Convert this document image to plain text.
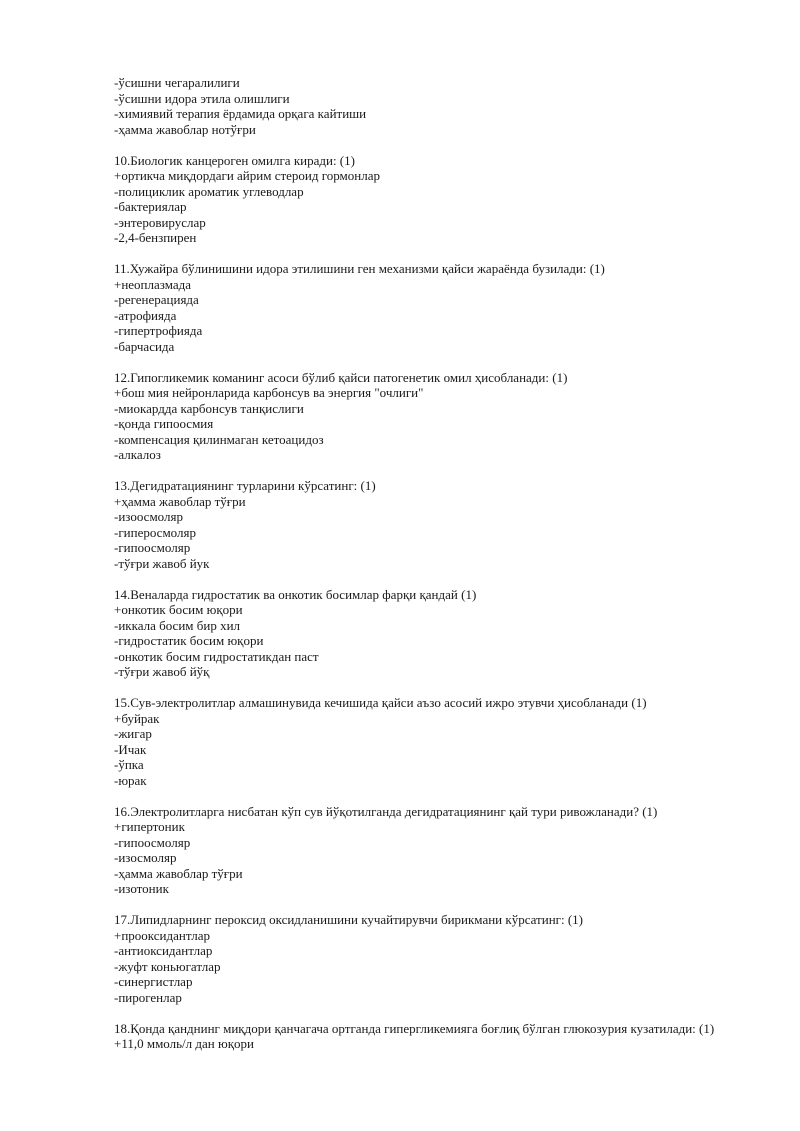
-ўсишни чегаралилиги
-ўсишни идора этила олишлиги
-химиявий терапия ёрдамида орқага кайтиши
-ҳамма жавоблар нотўғри
10.Биологик канцероген омилга киради: (1)
+ортикча миқдордаги айрим стероид гормонлар
-полициклик ароматик углеводлар
-бактериялар
-энтеровируслар
-2,4-бензпирен
11.Хужайра бўлинишини идора этилишини ген механизми қайси жараёнда бузилади: (1)
+неоплазмада
-регенерацияда
-атрофияда
-гипертрофияда
-барчасида
12.Гипогликемик команинг асоси бўлиб қайси патогенетик омил ҳисобланади: (1)
+бош мия нейронларида карбонсув ва энергия "очлиги"
-миокардда карбонсув танқислиги
-қонда гипоосмия
-компенсация қилинмаган кетоацидоз
-алкалоз
13.Дегидратациянинг турларини кўрсатинг: (1)
+ҳамма жавоблар тўғри
-изоосмоляр
-гиперосмоляр
-гипоосмоляр
-тўғри жавоб йук
14.Веналарда гидростатик ва онкотик босимлар фарқи қандай (1)
+онкотик босим юқори
-иккала босим бир хил
-гидростатик босим юқори
-онкотик босим гидростатикдан паст
-тўғри жавоб йўқ
15.Сув-электролитлар алмашинувида кечишида қайси аъзо асосий ижро этувчи ҳисобланади (1)
+буйрак
-жигар
-Ичак
-ўпка
-юрак
16.Электролитларга нисбатан кўп сув йўқотилганда дегидратациянинг қай тури ривожланади? (1)
+гипертоник
-гипоосмоляр
-изосмоляр
-ҳамма жавоблар тўғри
-изотоник
17.Липидларнинг пероксид оксидланишини кучайтирувчи бирикмани кўрсатинг: (1)
+прооксидантлар
-антиоксидантлар
-жуфт коньюгатлар
-синергистлар
-пирогенлар
18.Қонда қанднинг миқдори қанчагача ортганда гипергликемияга боғлиқ бўлган глюкозурия кузатилади: (1)
+11,0 ммоль/л дан юқори
